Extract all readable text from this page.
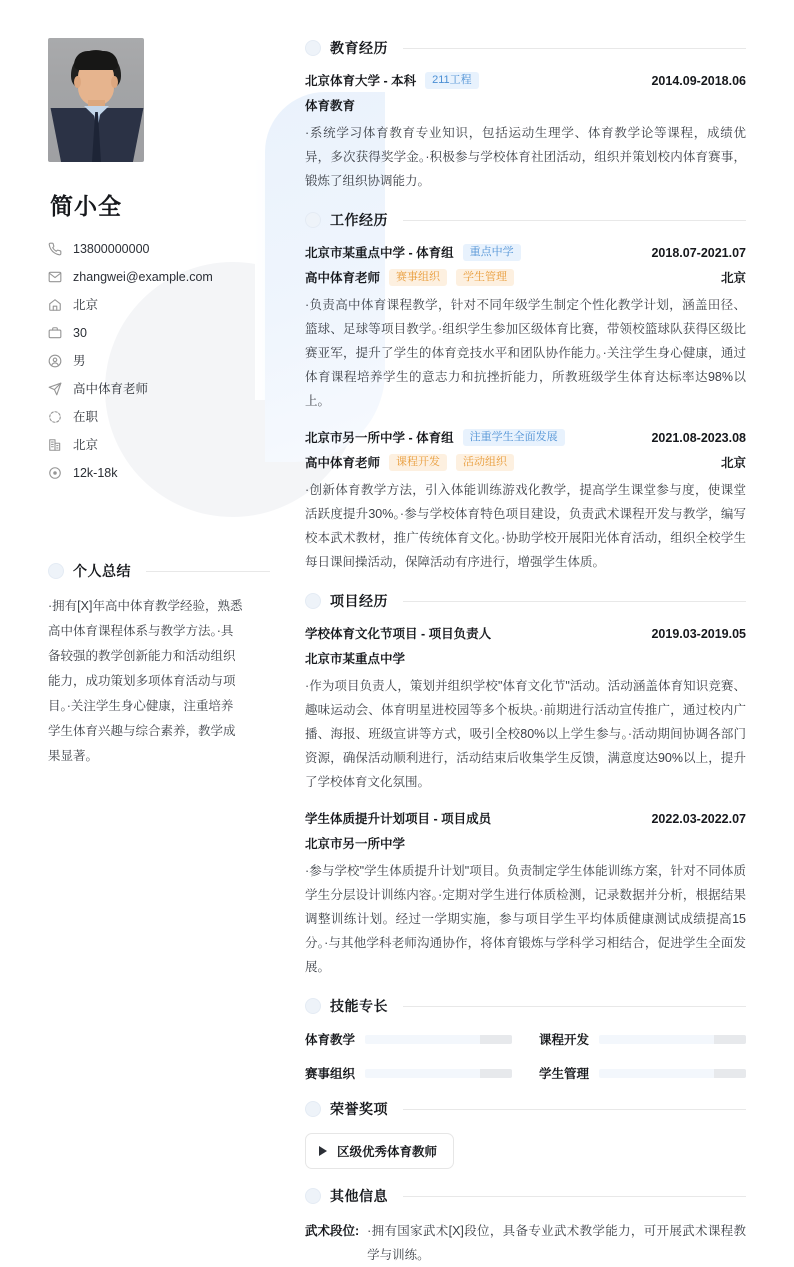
简小全
13800000000
zhangwei@example.com
北京
30
男
高中体育老师
在职
北京
12k-18k
个人总结
·拥有[X]年高中体育教学经验，熟悉高中体育课程体系与教学方法。·具备较强的教学创新能力和活动组织能力，成功策划多项体育活动与项目。·关注学生身心健康，注重培养学生体育兴趣与综合素养，教学成果显著。
教育经历
北京体育大学 - 本科	211工程	2014.09-2018.06
体育教育
·系统学习体育教育专业知识，包括运动生理学、体育教学论等课程，成绩优异，多次获得奖学金。·积极参与学校体育社团活动，组织并策划校内体育赛事，锻炼了组织协调能力。
工作经历
北京市某重点中学 - 体育组	重点中学	2018.07-2021.07
高中体育老师	赛事组织	学生管理	北京
·负责高中体育课程教学，针对不同年级学生制定个性化教学计划，涵盖田径、篮球、足球等项目教学。·组织学生参加区级体育比赛，带领校篮球队获得区级比赛亚军，提升了学生的体育竞技水平和团队协作能力。·关注学生身心健康，通过体育课程培养学生的意志力和抗挫折能力，所教班级学生体育达标率达98%以上。
北京市另一所中学 - 体育组	注重学生全面发展	2021.08-2023.08
高中体育老师	课程开发	活动组织	北京
·创新体育教学方法，引入体能训练游戏化教学，提高学生课堂参与度，使课堂活跃度提升30%。·参与学校体育特色项目建设，负责武术课程开发与教学，编写校本武术教材，推广传统体育文化。·协助学校开展阳光体育活动，组织全校学生每日课间操活动，保障活动有序进行，增强学生体质。
项目经历
学校体育文化节项目 - 项目负责人	2019.03-2019.05
北京市某重点中学
·作为项目负责人，策划并组织学校"体育文化节"活动。活动涵盖体育知识竞赛、趣味运动会、体育明星进校园等多个板块。·前期进行活动宣传推广，通过校内广播、海报、班级宣讲等方式，吸引全校80%以上学生参与。·活动期间协调各部门资源，确保活动顺利进行，活动结束后收集学生反馈，满意度达90%以上，提升了学校体育文化氛围。
学生体质提升计划项目 - 项目成员	2022.03-2022.07
北京市另一所中学
·参与学校"学生体质提升计划"项目。负责制定学生体能训练方案，针对不同体质学生分层设计训练内容。·定期对学生进行体质检测，记录数据并分析，根据结果调整训练计划。经过一学期实施，参与项目学生平均体质健康测试成绩提高15分。·与其他学科老师沟通协作，将体育锻炼与学科学习相结合，促进学生全面发展。
技能专长
体育教学	课程开发
赛事组织	学生管理
荣誉奖项
区级优秀体育教师
其他信息
武术段位: ·拥有国家武术[X]段位，具备专业武术教学能力，可开展武术课程教学与训练。
